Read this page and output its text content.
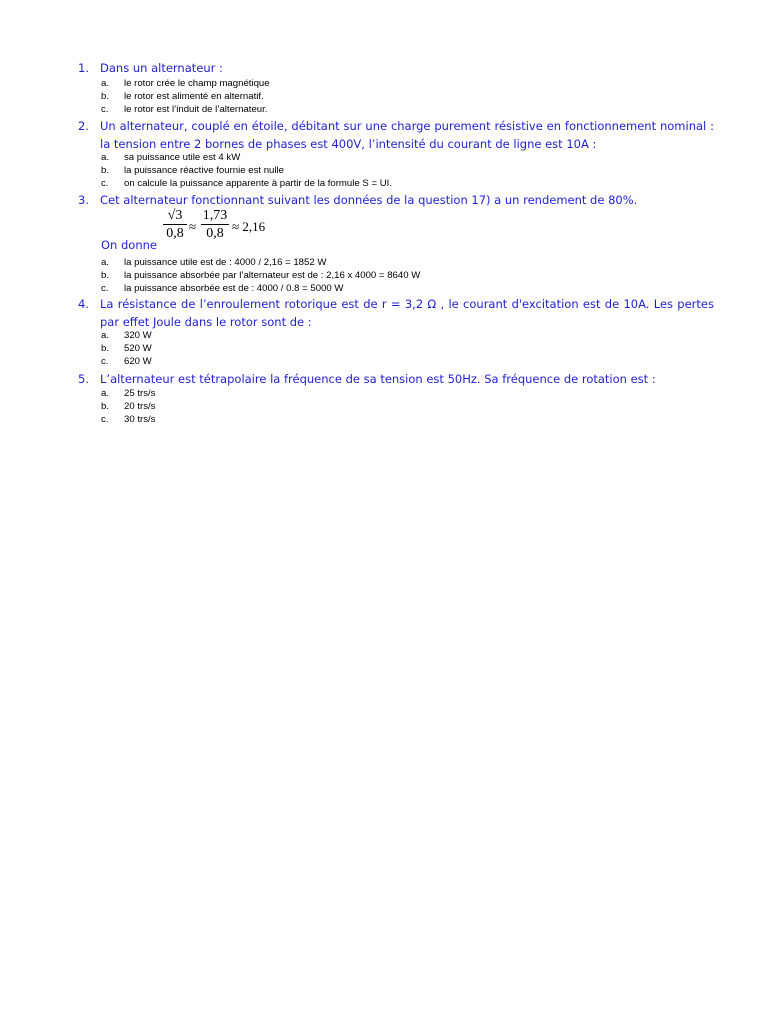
1. Dans un alternateur :
a. le rotor crée le champ magnétique
b. le rotor est alimenté en alternatif.
c. le rotor est l’induit de l’alternateur.
2. Un alternateur, couplé en étoile, débitant sur une charge purement résistive en fonctionnement nominal : la tension entre 2 bornes de phases est 400V, l’intensité du courant de ligne est 10A :
a. sa puissance utile est 4 kW
b. la puissance réactive fournie est nulle
c. on calcule la puissance apparente à partir de la formule S = UI.
3. Cet alternateur fonctionnant suivant les données de la question 17) a un rendement de 80%.
On donne
√3
0,8 ≈
1,73
0,8 ≈ 2,16
a. la puissance utile est de : 4000 / 2,16 = 1852 W
b. la puissance absorbée par l’alternateur est de : 2,16 x 4000 = 8640 W
c. la puissance absorbée est de : 4000 / 0.8 = 5000 W
4. La résistance de l’enroulement rotorique est de r = 3,2 Ω , le courant d'excitation est de 10A. Les pertes par effet Joule dans le rotor sont de :
a. 320 W
b. 520 W
c. 620 W
5. L’alternateur est tétrapolaire la fréquence de sa tension est 50Hz. Sa fréquence de rotation est :
a. 25 trs/s
b. 20 trs/s
c. 30 trs/s
